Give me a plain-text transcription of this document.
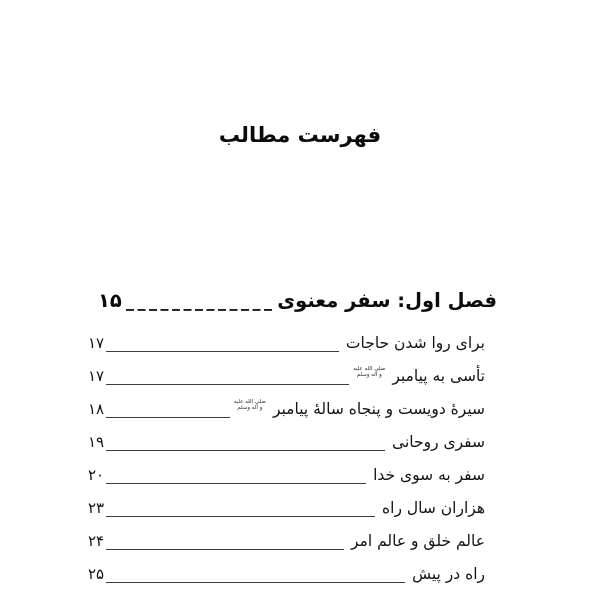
فهرست مطالب
فصل اول: سفر معنوی
۱۵
برای روا شدن حاجات
۱۷
تأسی به پیامبر
صلی الله علیه
و آله وسلم
۱۷
سیرهٔ دویست و پنجاه سالهٔ پیامبر
صلی الله علیه
و آله وسلم
۱۸
سفری روحانی
۱۹
سفر به سوی خدا
۲۰
هزاران سال راه
۲۳
عالم خلق و عالم امر
۲۴
راه در پیش
۲۵
